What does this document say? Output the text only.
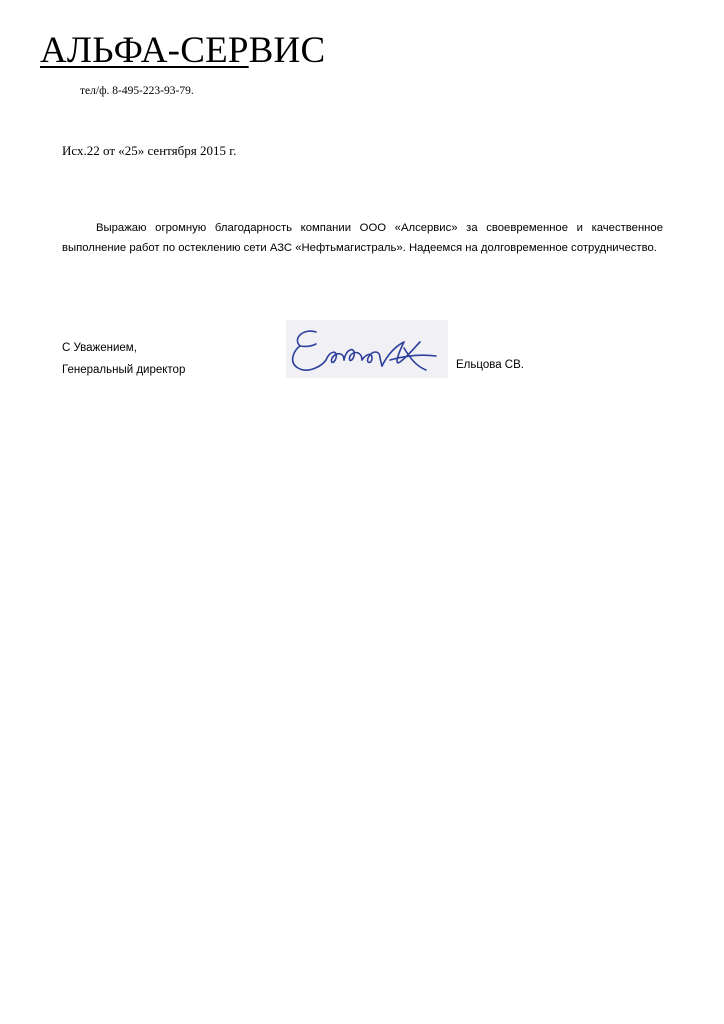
АЛЬФА-СЕРВИС
тел/ф. 8-495-223-93-79.
Исх.22 от «25» сентября 2015 г.

Выражаю огромную благодарность компании ООО «Алсервис» за своевременное и качественное выполнение работ по остеклению сети АЗС «Нефтьмагистраль». Надеемся на долговременное сотрудничество.

С Уважением,
Генеральный директор	Ельцова СВ.
